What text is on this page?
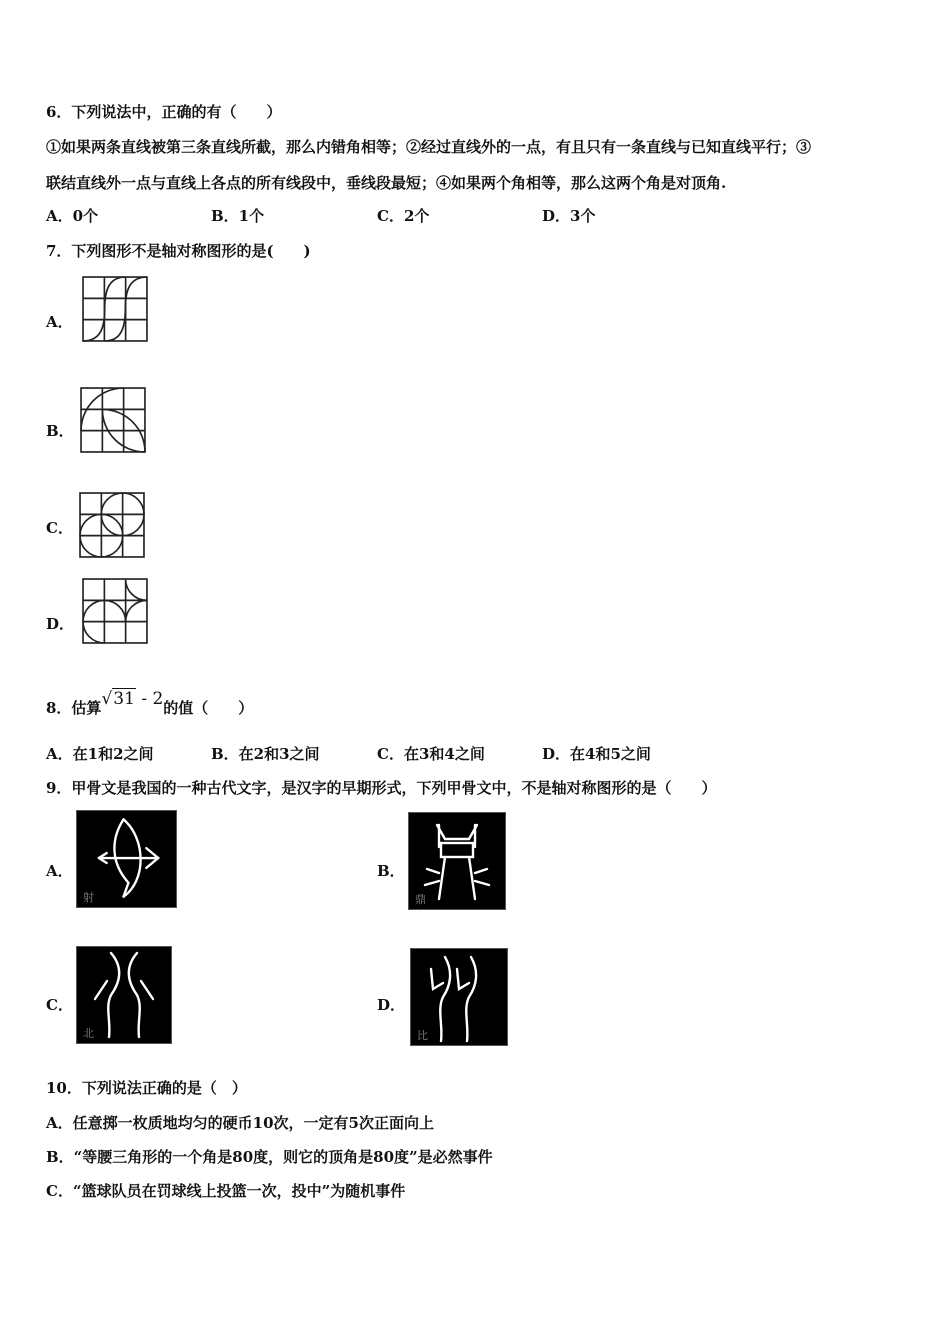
6．下列说法中，正确的有（　　）
①如果两条直线被第三条直线所截，那么内错角相等；②经过直线外的一点，有且只有一条直线与已知直线平行；③
联结直线外一点与直线上各点的所有线段中，垂线段最短；④如果两个角相等，那么这两个角是对顶角.
A．0个	B．1个	C．2个	D．3个
7．下列图形不是轴对称图形的是(　　)
A．
B．
C．
D．
8．估算√31 - 2的值（　　）
A．在1和2之间	B．在2和3之间	C．在3和4之间	D．在4和5之间
9．甲骨文是我国的一种古代文字，是汉字的早期形式，下列甲骨文中，不是轴对称图形的是（　　）
A．
射
B．
鼎
C．
北
D．
比
10．下列说法正确的是（　）
A．任意掷一枚质地均匀的硬币10次，一定有5次正面向上
B．“等腰三角形的一个角是80度，则它的顶角是80度”是必然事件
C．“篮球队员在罚球线上投篮一次，投中”为随机事件
